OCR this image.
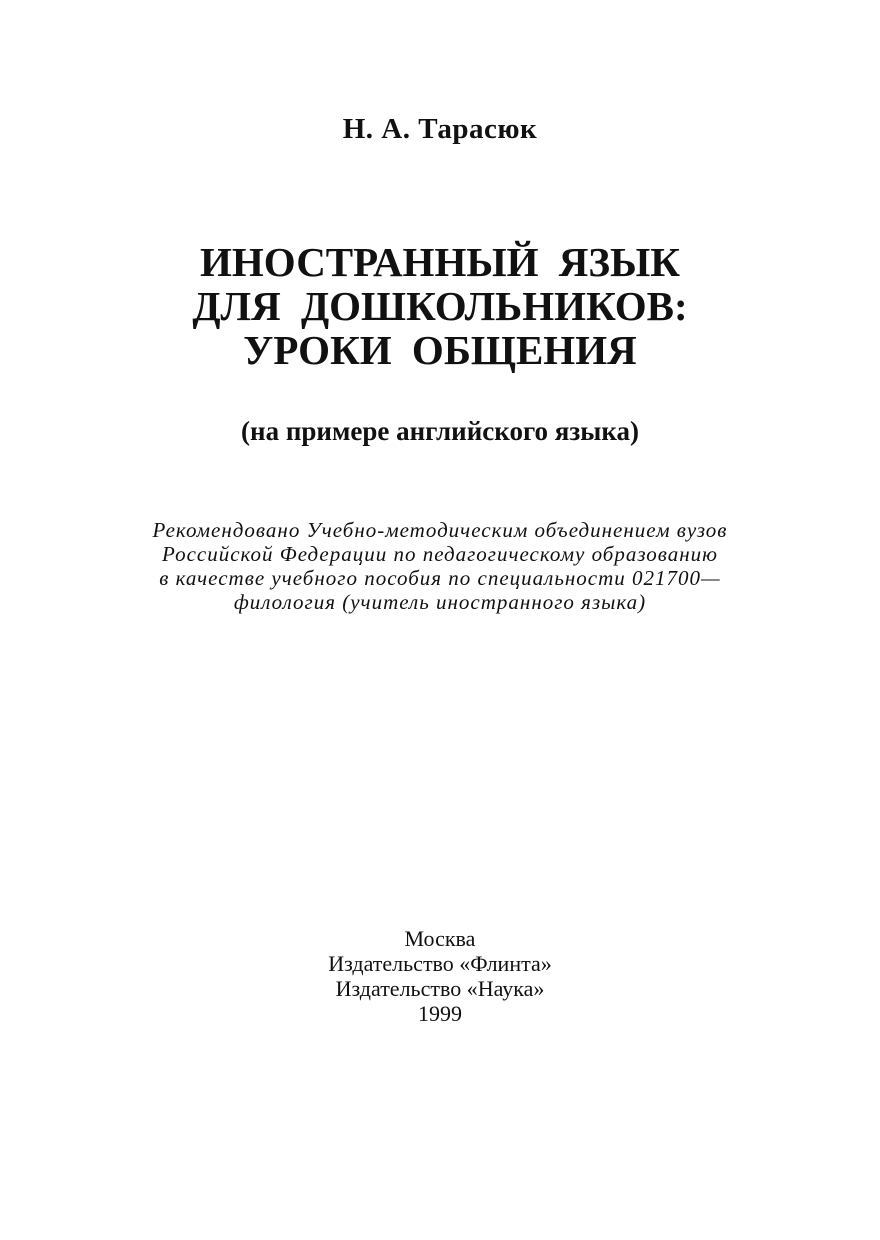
Н. А. Тарасюк
ИНОСТРАННЫЙ ЯЗЫК
ДЛЯ ДОШКОЛЬНИКОВ:
УРОКИ ОБЩЕНИЯ
(на примере английского языка)
Рекомендовано Учебно-методическим объединением вузов
Российской Федерации по педагогическому образованию
в качестве учебного пособия по специальности 021700—
филология (учитель иностранного языка)
Москва
Издательство «Флинта»
Издательство «Наука»
1999
